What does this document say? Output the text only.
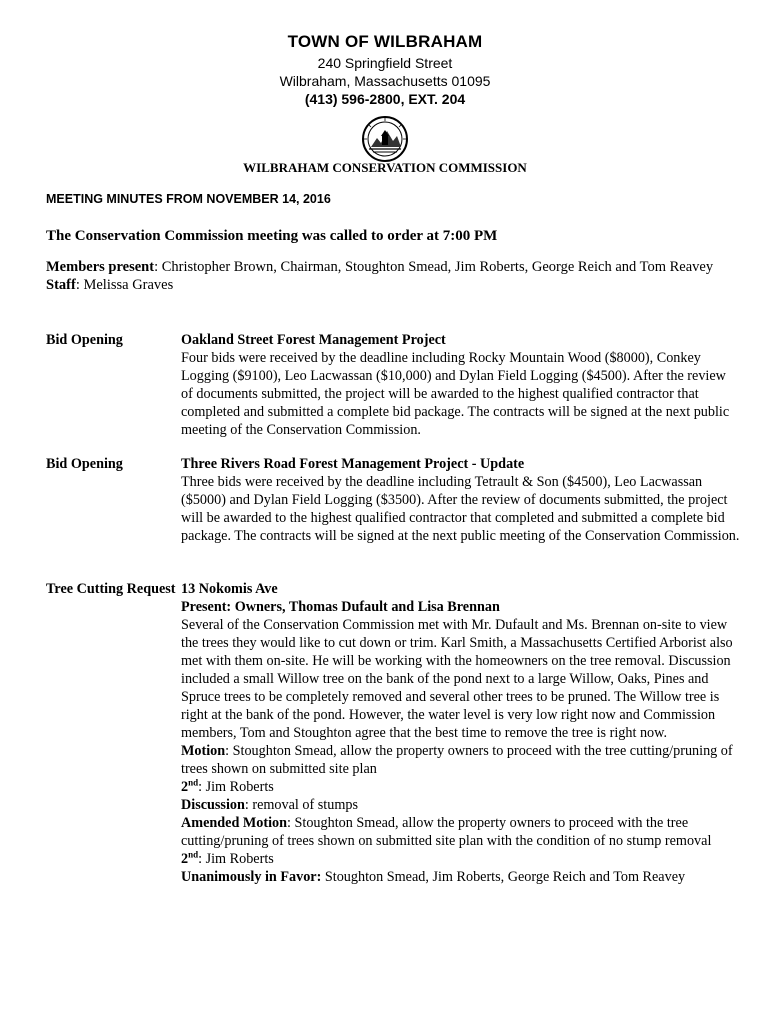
TOWN OF WILBRAHAM
240 Springfield Street
Wilbraham, Massachusetts 01095
(413) 596-2800, EXT. 204
WILBRAHAM CONSERVATION COMMISSION
MEETING MINUTES FROM NOVEMBER 14, 2016
The Conservation Commission meeting was called to order at 7:00 PM
Members present: Christopher Brown, Chairman, Stoughton Smead, Jim Roberts, George Reich and Tom Reavey
Staff: Melissa Graves
Bid Opening	Oakland Street Forest Management Project

Four bids were received by the deadline including Rocky Mountain Wood ($8000), Conkey Logging ($9100), Leo Lacwassan ($10,000) and Dylan Field Logging ($4500). After the review of documents submitted, the project will be awarded to the highest qualified contractor that completed and submitted a complete bid package. The contracts will be signed at the next public meeting of the Conservation Commission.

Bid Opening	Three Rivers Road Forest Management Project - Update

Three bids were received by the deadline including Tetrault & Son ($4500), Leo Lacwassan ($5000) and Dylan Field Logging ($3500). After the review of documents submitted, the project will be awarded to the highest qualified contractor that completed and submitted a complete bid package. The contracts will be signed at the next public meeting of the Conservation Commission.

Tree Cutting Request 13 Nokomis Ave
Present: Owners, Thomas Dufault and Lisa Brennan

Several of the Conservation Commission met with Mr. Dufault and Ms. Brennan on-site to view the trees they would like to cut down or trim. Karl Smith, a Massachusetts Certified Arborist also met with them on-site. He will be working with the homeowners on the tree removal. Discussion included a small Willow tree on the bank of the pond next to a large Willow, Oaks, Pines and Spruce trees to be completely removed and several other trees to be pruned. The Willow tree is right at the bank of the pond. However, the water level is very low right now and Commission members, Tom and Stoughton agree that the best time to remove the tree is right now.

Motion: Stoughton Smead, allow the property owners to proceed with the tree cutting/pruning of trees shown on submitted site plan

2nd: Jim Roberts

Discussion: removal of stumps

Amended Motion: Stoughton Smead, allow the property owners to proceed with the tree cutting/pruning of trees shown on submitted site plan with the condition of no stump removal

2nd: Jim Roberts

Unanimously in Favor: Stoughton Smead, Jim Roberts, George Reich and Tom Reavey
